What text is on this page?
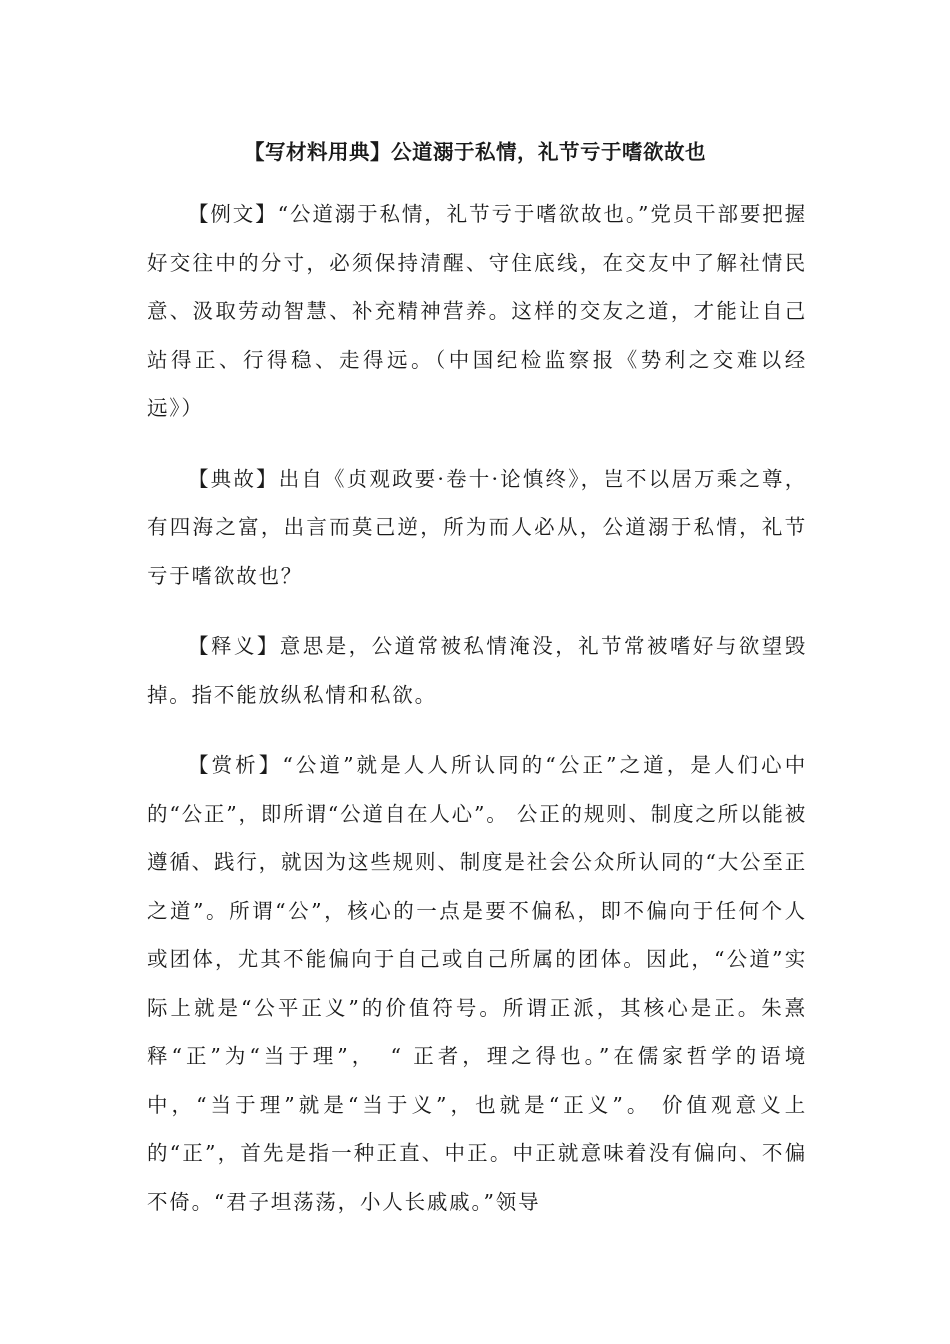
【写材料用典】公道溺于私情，礼节亏于嗜欲故也

【例文】“公道溺于私情，礼节亏于嗜欲故也。”党员干部要把握好交往中的分寸，必须保持清醒、守住底线，在交友中了解社情民意、汲取劳动智慧、补充精神营养。这样的交友之道，才能让自己站得正、行得稳、走得远。（中国纪检监察报《势利之交难以经远》）

【典故】出自《贞观政要·卷十·论慎终》，岂不以居万乘之尊，有四海之富，出言而莫己逆，所为而人必从，公道溺于私情，礼节亏于嗜欲故也？

【释义】意思是，公道常被私情淹没，礼节常被嗜好与欲望毁掉。指不能放纵私情和私欲。

【赏析】“公道”就是人人所认同的“公正”之道，是人们心中的“公正”，即所谓“公道自在人心”。 公正的规则、制度之所以能被遵循、践行，就因为这些规则、制度是社会公众所认同的“大公至正之道”。所谓“公”，核心的一点是要不偏私，即不偏向于任何个人或团体，尤其不能偏向于自己或自己所属的团体。因此，“公道”实际上就是“公平正义”的价值符号。所谓正派，其核心是正。朱熹释“正”为“当于理”，　“ 正者，理之得也。”在儒家哲学的语境中，“当于理”就是“当于义”，也就是“正义”。 价值观意义上的“正”，首先是指一种正直、中正。中正就意味着没有偏向、不偏不倚。“君子坦荡荡，小人长戚戚。”领导
